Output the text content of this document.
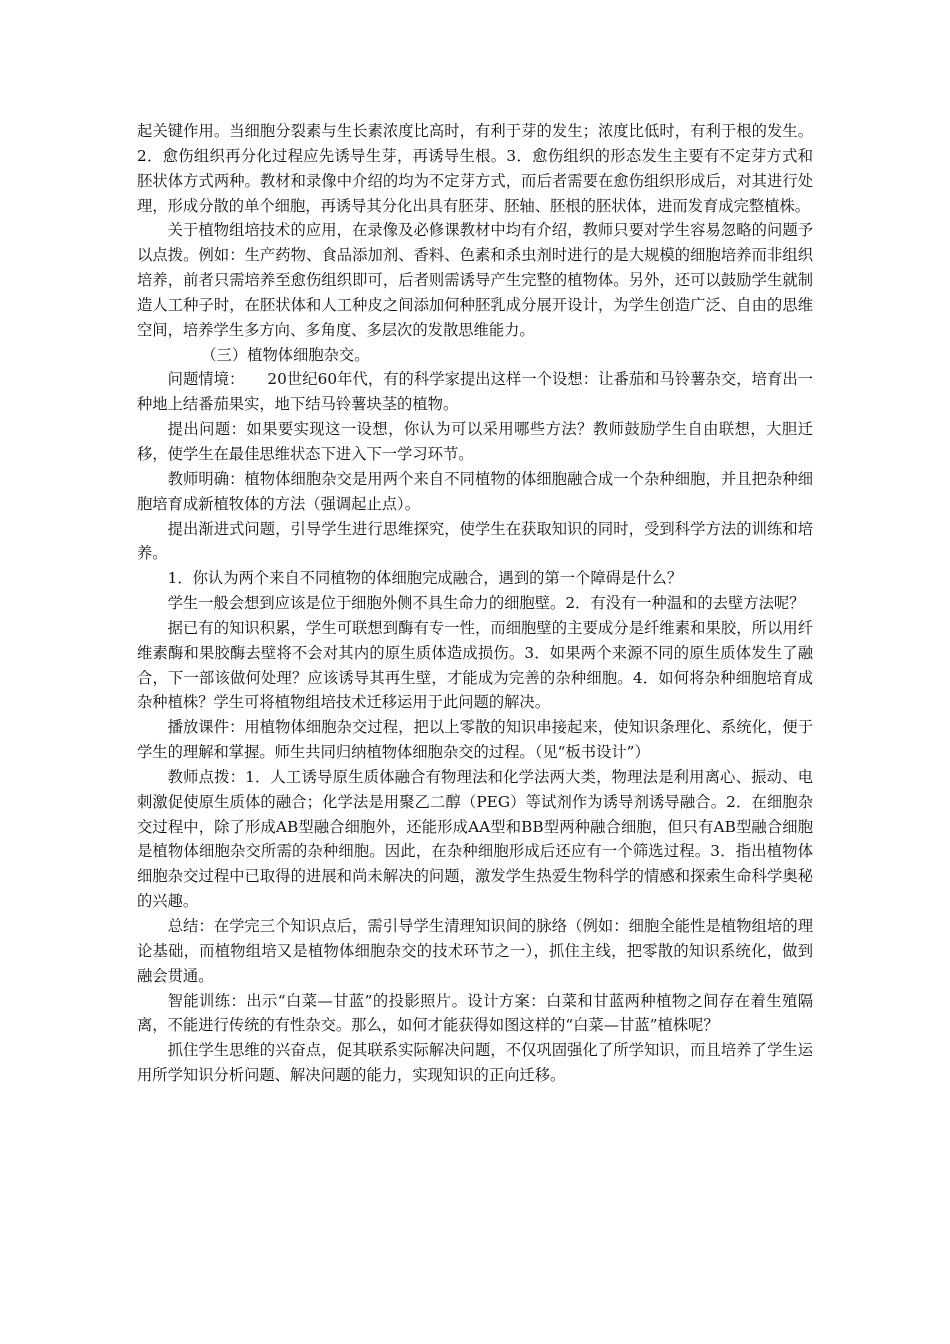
起关键作用。当细胞分裂素与生长素浓度比高时，有利于芽的发生；浓度比低时，有利于根的发生。2．愈伤组织再分化过程应先诱导生芽，再诱导生根。3．愈伤组织的形态发生主要有不定芽方式和胚状体方式两种。教材和录像中介绍的均为不定芽方式，而后者需要在愈伤组织形成后，对其进行处理，形成分散的单个细胞，再诱导其分化出具有胚芽、胚轴、胚根的胚状体，进而发育成完整植株。

关于植物组培技术的应用，在录像及必修课教材中均有介绍，教师只要对学生容易忽略的问题予以点拨。例如：生产药物、食品添加剂、香料、色素和杀虫剂时进行的是大规模的细胞培养而非组织培养，前者只需培养至愈伤组织即可，后者则需诱导产生完整的植物体。另外，还可以鼓励学生就制造人工种子时，在胚状体和人工种皮之间添加何种胚乳成分展开设计，为学生创造广泛、自由的思维空间，培养学生多方向、多角度、多层次的发散思维能力。

（三）植物体细胞杂交。

问题情境：　　20世纪60年代，有的科学家提出这样一个设想：让番茄和马铃薯杂交，培育出一种地上结番茄果实，地下结马铃薯块茎的植物。

提出问题：如果要实现这一设想，你认为可以采用哪些方法？教师鼓励学生自由联想，大胆迁移，使学生在最佳思维状态下进入下一学习环节。

教师明确：植物体细胞杂交是用两个来自不同植物的体细胞融合成一个杂种细胞，并且把杂种细胞培育成新植牧体的方法（强调起止点）。

提出渐进式问题，引导学生进行思维探究，使学生在获取知识的同时，受到科学方法的训练和培养。

1．你认为两个来自不同植物的体细胞完成融合，遇到的第一个障碍是什么？

学生一般会想到应该是位于细胞外侧不具生命力的细胞壁。2．有没有一种温和的去壁方法呢？

据已有的知识积累，学生可联想到酶有专一性，而细胞壁的主要成分是纤维素和果胶，所以用纤维素酶和果胶酶去壁将不会对其内的原生质体造成损伤。3．如果两个来源不同的原生质体发生了融合，下一部该做何处理？应该诱导其再生壁，才能成为完善的杂种细胞。4．如何将杂种细胞培育成杂种植株？学生可将植物组培技术迁移运用于此问题的解决。

播放课件：用植物体细胞杂交过程，把以上零散的知识串接起来，使知识条理化、系统化，便于学生的理解和掌握。师生共同归纳植物体细胞杂交的过程。（见“板书设计”）

教师点拨：1．人工诱导原生质体融合有物理法和化学法两大类，物理法是利用离心、振动、电刺激促使原生质体的融合；化学法是用聚乙二醇（PEG）等试剂作为诱导剂诱导融合。2．在细胞杂交过程中，除了形成AB型融合细胞外，还能形成AA型和BB型两种融合细胞，但只有AB型融合细胞是植物体细胞杂交所需的杂种细胞。因此，在杂种细胞形成后还应有一个筛选过程。3．指出植物体细胞杂交过程中已取得的进展和尚未解决的问题，激发学生热爱生物科学的情感和探索生命科学奥秘的兴趣。

总结：在学完三个知识点后，需引导学生清理知识间的脉络（例如：细胞全能性是植物组培的理论基础，而植物组培又是植物体细胞杂交的技术环节之一），抓住主线，把零散的知识系统化，做到融会贯通。

智能训练：出示“白菜—甘蓝”的投影照片。设计方案：白菜和甘蓝两种植物之间存在着生殖隔离，不能进行传统的有性杂交。那么，如何才能获得如图这样的“白菜—甘蓝”植株呢？

抓住学生思维的兴奋点，促其联系实际解决问题，不仅巩固强化了所学知识，而且培养了学生运用所学知识分析问题、解决问题的能力，实现知识的正向迁移。
